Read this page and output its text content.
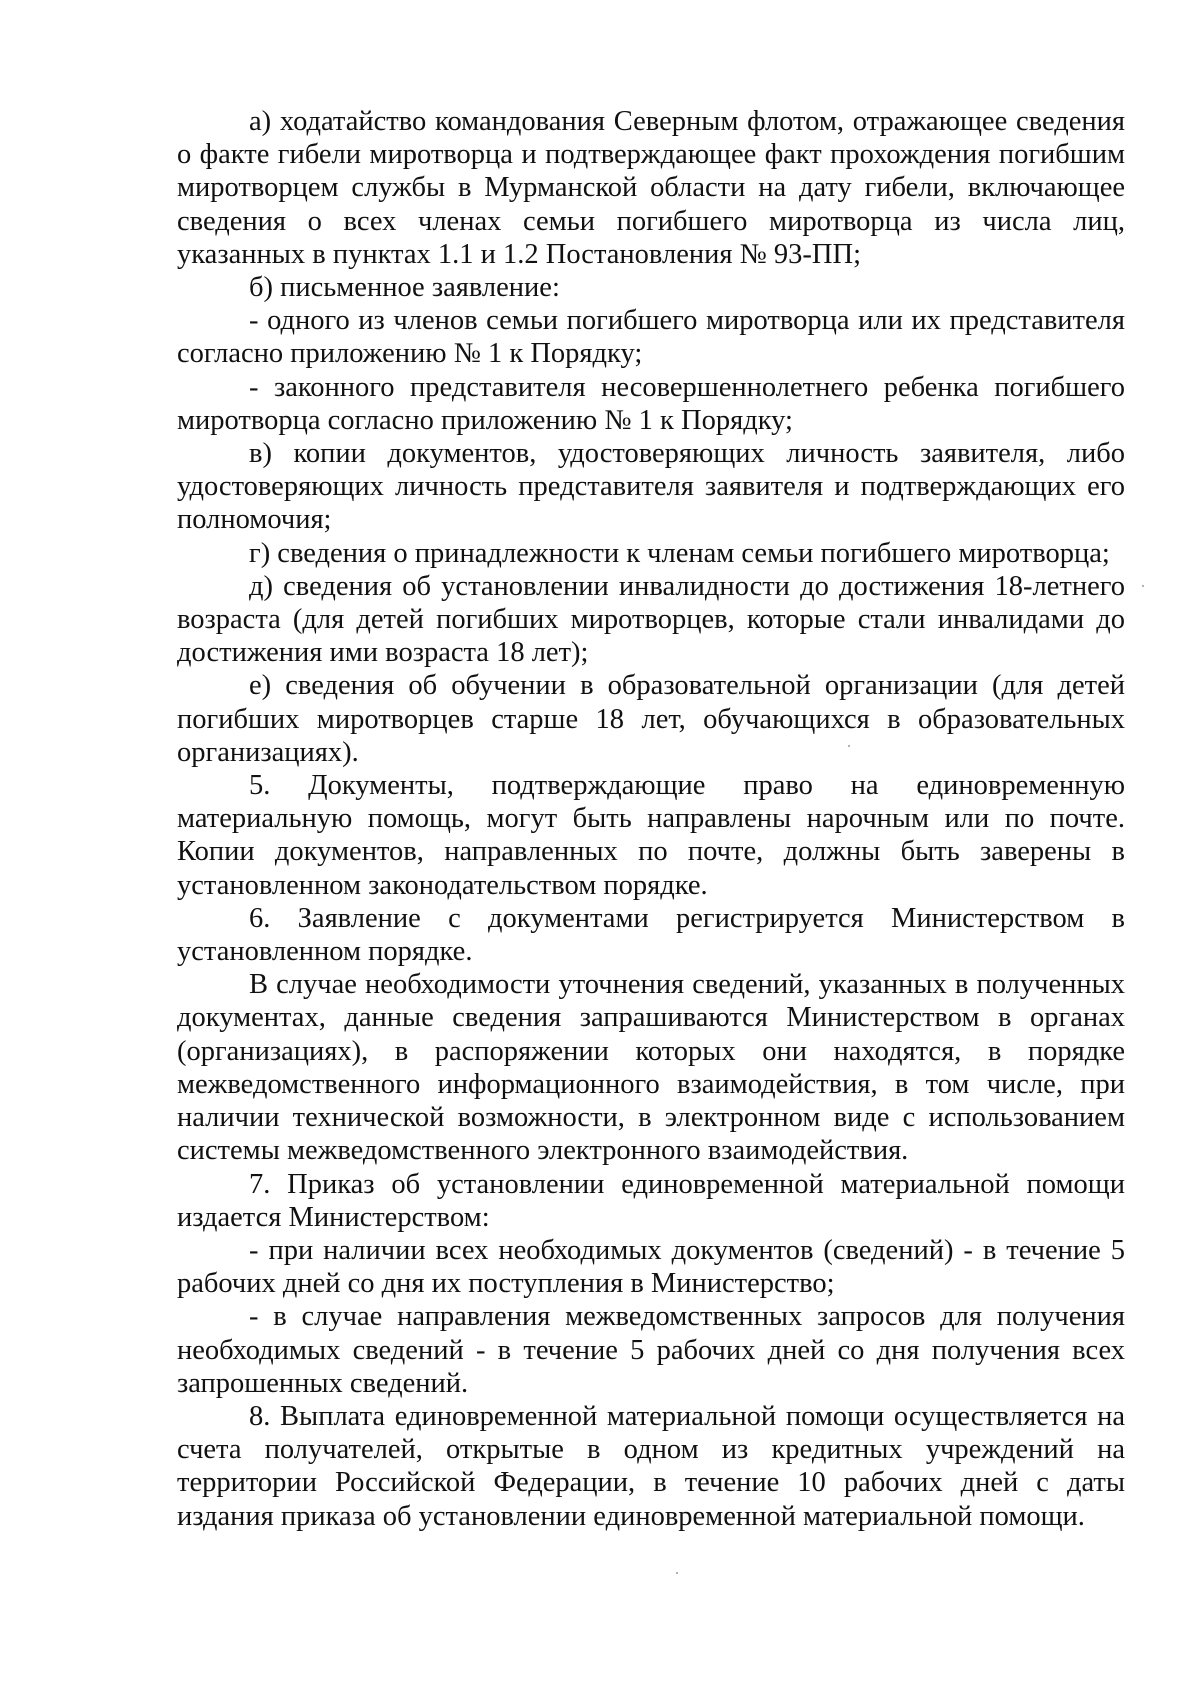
а) ходатайство командования Северным флотом, отражающее сведения о факте гибели миротворца и подтверждающее факт прохождения погибшим миротворцем службы в Мурманской области на дату гибели, включающее сведения о всех членах семьи погибшего миротворца из числа лиц, указанных в пунктах 1.1 и 1.2 Постановления № 93-ПП;

б) письменное заявление:

- одного из членов семьи погибшего миротворца или их представителя согласно приложению № 1 к Порядку;

- законного представителя несовершеннолетнего ребенка погибшего миротворца согласно приложению № 1 к Порядку;

в) копии документов, удостоверяющих личность заявителя, либо удостоверяющих личность представителя заявителя и подтверждающих его полномочия;

г) сведения о принадлежности к членам семьи погибшего миротворца;

д) сведения об установлении инвалидности до достижения 18-летнего возраста (для детей погибших миротворцев, которые стали инвалидами до достижения ими возраста 18 лет);

е) сведения об обучении в образовательной организации (для детей погибших миротворцев старше 18 лет, обучающихся в образовательных организациях).

5. Документы, подтверждающие право на единовременную материальную помощь, могут быть направлены нарочным или по почте. Копии документов, направленных по почте, должны быть заверены в установленном законодательством порядке.

6. Заявление с документами регистрируется Министерством в установленном порядке.

В случае необходимости уточнения сведений, указанных в полученных документах, данные сведения запрашиваются Министерством в органах (организациях), в распоряжении которых они находятся, в порядке межведомственного информационного взаимодействия, в том числе, при наличии технической возможности, в электронном виде с использованием системы межведомственного электронного взаимодействия.

7. Приказ об установлении единовременной материальной помощи издается Министерством:

- при наличии всех необходимых документов (сведений) - в течение 5 рабочих дней со дня их поступления в Министерство;

- в случае направления межведомственных запросов для получения необходимых сведений - в течение 5 рабочих дней со дня получения всех запрошенных сведений.

8. Выплата единовременной материальной помощи осуществляется на счета получателей, открытые в одном из кредитных учреждений на территории Российской Федерации, в течение 10 рабочих дней с даты издания приказа об установлении единовременной материальной помощи.
